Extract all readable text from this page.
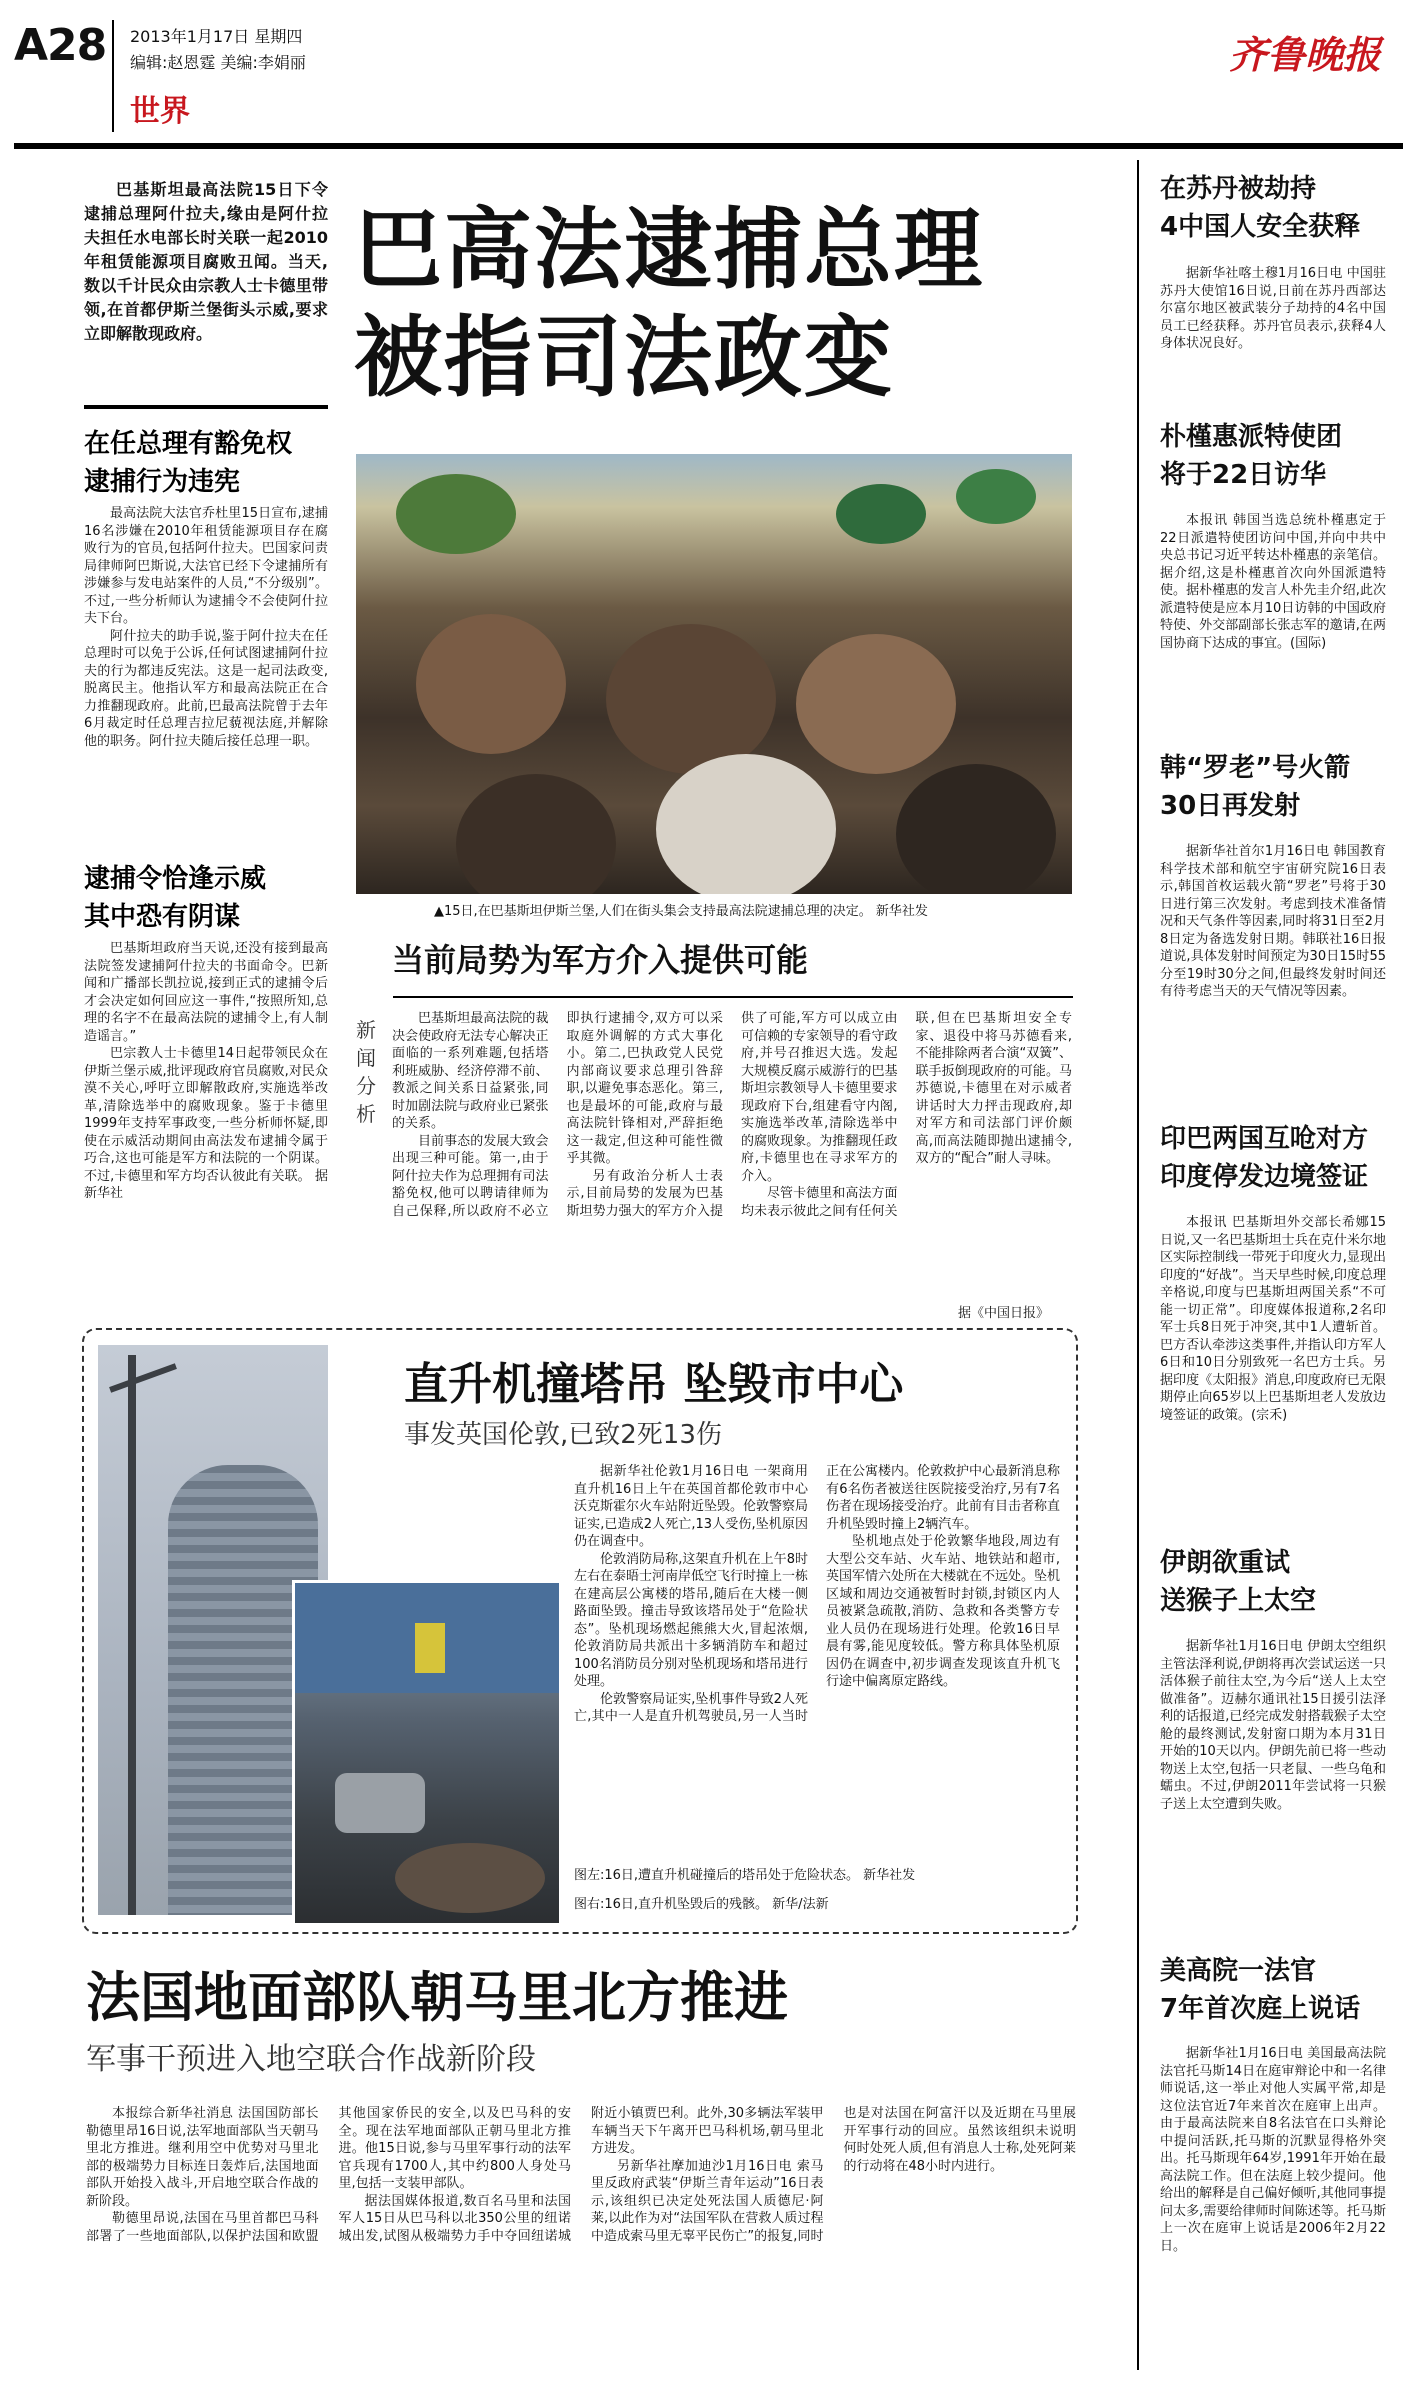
A28 2013年1月17日 星期四
编辑:赵恩霆 美编:李娟丽
世界
齐鲁晚报

巴基斯坦最高法院15日下令逮捕总理阿什拉夫,缘由是阿什拉夫担任水电部长时关联一起2010年租赁能源项目腐败丑闻。当天,数以千计民众由宗教人士卡德里带领,在首都伊斯兰堡街头示威,要求立即解散现政府。

在任总理有豁免权
逮捕行为违宪

最高法院大法官乔杜里15日宣布,逮捕16名涉嫌在2010年租赁能源项目存在腐败行为的官员,包括阿什拉夫。巴国家问责局律师阿巴斯说,大法官已经下令逮捕所有涉嫌参与发电站案件的人员,“不分级别”。不过,一些分析师认为逮捕令不会使阿什拉夫下台。

阿什拉夫的助手说,鉴于阿什拉夫在任总理时可以免于公诉,任何试图逮捕阿什拉夫的行为都违反宪法。这是一起司法政变,脱离民主。他指认军方和最高法院正在合力推翻现政府。此前,巴最高法院曾于去年6月裁定时任总理吉拉尼藐视法庭,并解除他的职务。阿什拉夫随后接任总理一职。

逮捕令恰逢示威
其中恐有阴谋

巴基斯坦政府当天说,还没有接到最高法院签发逮捕阿什拉夫的书面命令。巴新闻和广播部长凯拉说,接到正式的逮捕令后才会决定如何回应这一事件,“按照所知,总理的名字不在最高法院的逮捕令上,有人制造谣言。”

巴宗教人士卡德里14日起带领民众在伊斯兰堡示威,批评现政府官员腐败,对民众漠不关心,呼吁立即解散政府,实施选举改革,清除选举中的腐败现象。鉴于卡德里1999年支持军事政变,一些分析师怀疑,即使在示威活动期间由高法发布逮捕令属于巧合,这也可能是军方和法院的一个阴谋。不过,卡德里和军方均否认彼此有关联。 据新华社

巴高法逮捕总理
被指司法政变
▲15日,在巴基斯坦伊斯兰堡,人们在街头集会支持最高法院逮捕总理的决定。 新华社发
当前局势为军方介入提供可能
新闻分析

巴基斯坦最高法院的裁决会使政府无法专心解决正面临的一系列难题,包括塔利班威胁、经济停滞不前、教派之间关系日益紧张,同时加剧法院与政府业已紧张的关系。

目前事态的发展大致会出现三种可能。第一,由于阿什拉夫作为总理拥有司法豁免权,他可以聘请律师为自己保释,所以政府不必立即执行逮捕令,双方可以采取庭外调解的方式大事化小。第二,巴执政党人民党内部商议要求总理引咎辞职,以避免事态恶化。第三,也是最坏的可能,政府与最高法院针锋相对,严辞拒绝这一裁定,但这种可能性微乎其微。

另有政治分析人士表示,目前局势的发展为巴基斯坦势力强大的军方介入提供了可能,军方可以成立由可信赖的专家领导的看守政府,并号召推迟大选。发起大规模反腐示威游行的巴基斯坦宗教领导人卡德里要求现政府下台,组建看守内阁,实施选举改革,清除选举中的腐败现象。为推翻现任政府,卡德里也在寻求军方的介入。

尽管卡德里和高法方面均未表示彼此之间有任何关联,但在巴基斯坦安全专家、退役中将马苏德看来,不能排除两者合演“双簧”、联手扳倒现政府的可能。马苏德说,卡德里在对示威者讲话时大力抨击现政府,却对军方和司法部门评价颇高,而高法随即抛出逮捕令,双方的“配合”耐人寻味。

据《中国日报》
直升机撞塔吊 坠毁市中心
事发英国伦敦,已致2死13伤

据新华社伦敦1月16日电 一架商用直升机16日上午在英国首都伦敦市中心沃克斯霍尔火车站附近坠毁。伦敦警察局证实,已造成2人死亡,13人受伤,坠机原因仍在调查中。

伦敦消防局称,这架直升机在上午8时左右在泰晤士河南岸低空飞行时撞上一栋在建高层公寓楼的塔吊,随后在大楼一侧路面坠毁。撞击导致该塔吊处于“危险状态”。坠机现场燃起熊熊大火,冒起浓烟,伦敦消防局共派出十多辆消防车和超过100名消防员分别对坠机现场和塔吊进行处理。

伦敦警察局证实,坠机事件导致2人死亡,其中一人是直升机驾驶员,另一人当时正在公寓楼内。伦敦救护中心最新消息称有6名伤者被送往医院接受治疗,另有7名伤者在现场接受治疗。此前有目击者称直升机坠毁时撞上2辆汽车。

坠机地点处于伦敦繁华地段,周边有大型公交车站、火车站、地铁站和超市,英国军情六处所在大楼就在不远处。坠机区域和周边交通被暂时封锁,封锁区内人员被紧急疏散,消防、急救和各类警方专业人员仍在现场进行处理。伦敦16日早晨有雾,能见度较低。警方称具体坠机原因仍在调查中,初步调查发现该直升机飞行途中偏离原定路线。

图左:16日,遭直升机碰撞后的塔吊处于危险状态。 新华社发
图右:16日,直升机坠毁后的残骸。 新华/法新
法国地面部队朝马里北方推进
军事干预进入地空联合作战新阶段

本报综合新华社消息 法国国防部长勒德里昂16日说,法军地面部队当天朝马里北方推进。继利用空中优势对马里北部的极端势力目标连日轰炸后,法国地面部队开始投入战斗,开启地空联合作战的新阶段。

勒德里昂说,法国在马里首都巴马科部署了一些地面部队,以保护法国和欧盟其他国家侨民的安全,以及巴马科的安全。现在法军地面部队正朝马里北方推进。他15日说,参与马里军事行动的法军官兵现有1700人,其中约800人身处马里,包括一支装甲部队。

据法国媒体报道,数百名马里和法国军人15日从巴马科以北350公里的纽诺城出发,试图从极端势力手中夺回纽诺城附近小镇贾巴利。此外,30多辆法军装甲车辆当天下午离开巴马科机场,朝马里北方进发。

另新华社摩加迪沙1月16日电 索马里反政府武装“伊斯兰青年运动”16日表示,该组织已决定处死法国人质德尼·阿莱,以此作为对“法国军队在营救人质过程中造成索马里无辜平民伤亡”的报复,同时也是对法国在阿富汗以及近期在马里展开军事行动的回应。虽然该组织未说明何时处死人质,但有消息人士称,处死阿莱的行动将在48小时内进行。

在苏丹被劫持
4中国人安全获释

据新华社喀土穆1月16日电 中国驻苏丹大使馆16日说,日前在苏丹西部达尔富尔地区被武装分子劫持的4名中国员工已经获释。苏丹官员表示,获释4人身体状况良好。

朴槿惠派特使团
将于22日访华

本报讯 韩国当选总统朴槿惠定于22日派遣特使团访问中国,并向中共中央总书记习近平转达朴槿惠的亲笔信。据介绍,这是朴槿惠首次向外国派遣特使。据朴槿惠的发言人朴先圭介绍,此次派遣特使是应本月10日访韩的中国政府特使、外交部副部长张志军的邀请,在两国协商下达成的事宜。(国际)

韩“罗老”号火箭
30日再发射

据新华社首尔1月16日电 韩国教育科学技术部和航空宇宙研究院16日表示,韩国首枚运载火箭“罗老”号将于30日进行第三次发射。考虑到技术准备情况和天气条件等因素,同时将31日至2月8日定为备选发射日期。韩联社16日报道说,具体发射时间预定为30日15时55分至19时30分之间,但最终发射时间还有待考虑当天的天气情况等因素。

印巴两国互呛对方
印度停发边境签证

本报讯 巴基斯坦外交部长希娜15日说,又一名巴基斯坦士兵在克什米尔地区实际控制线一带死于印度火力,显现出印度的“好战”。当天早些时候,印度总理辛格说,印度与巴基斯坦两国关系“不可能一切正常”。印度媒体报道称,2名印军士兵8日死于冲突,其中1人遭斩首。巴方否认牵涉这类事件,并指认印方军人6日和10日分别致死一名巴方士兵。另据印度《太阳报》消息,印度政府已无限期停止向65岁以上巴基斯坦老人发放边境签证的政策。(宗禾)

伊朗欲重试
送猴子上太空

据新华社1月16日电 伊朗太空组织主管法泽利说,伊朗将再次尝试运送一只活体猴子前往太空,为今后“送人上太空做准备”。迈赫尔通讯社15日援引法泽利的话报道,已经完成发射搭载猴子太空舱的最终测试,发射窗口期为本月31日开始的10天以内。伊朗先前已将一些动物送上太空,包括一只老鼠、一些乌龟和蠕虫。不过,伊朗2011年尝试将一只猴子送上太空遭到失败。

美高院一法官
7年首次庭上说话

据新华社1月16日电 美国最高法院法官托马斯14日在庭审辩论中和一名律师说话,这一举止对他人实属平常,却是这位法官近7年来首次在庭审上出声。由于最高法院来自8名法官在口头辩论中提问活跃,托马斯的沉默显得格外突出。托马斯现年64岁,1991年开始在最高法院工作。但在法庭上较少提问。他给出的解释是自己偏好倾听,其他同事提问太多,需要给律师时间陈述等。托马斯上一次在庭审上说话是2006年2月22日。
